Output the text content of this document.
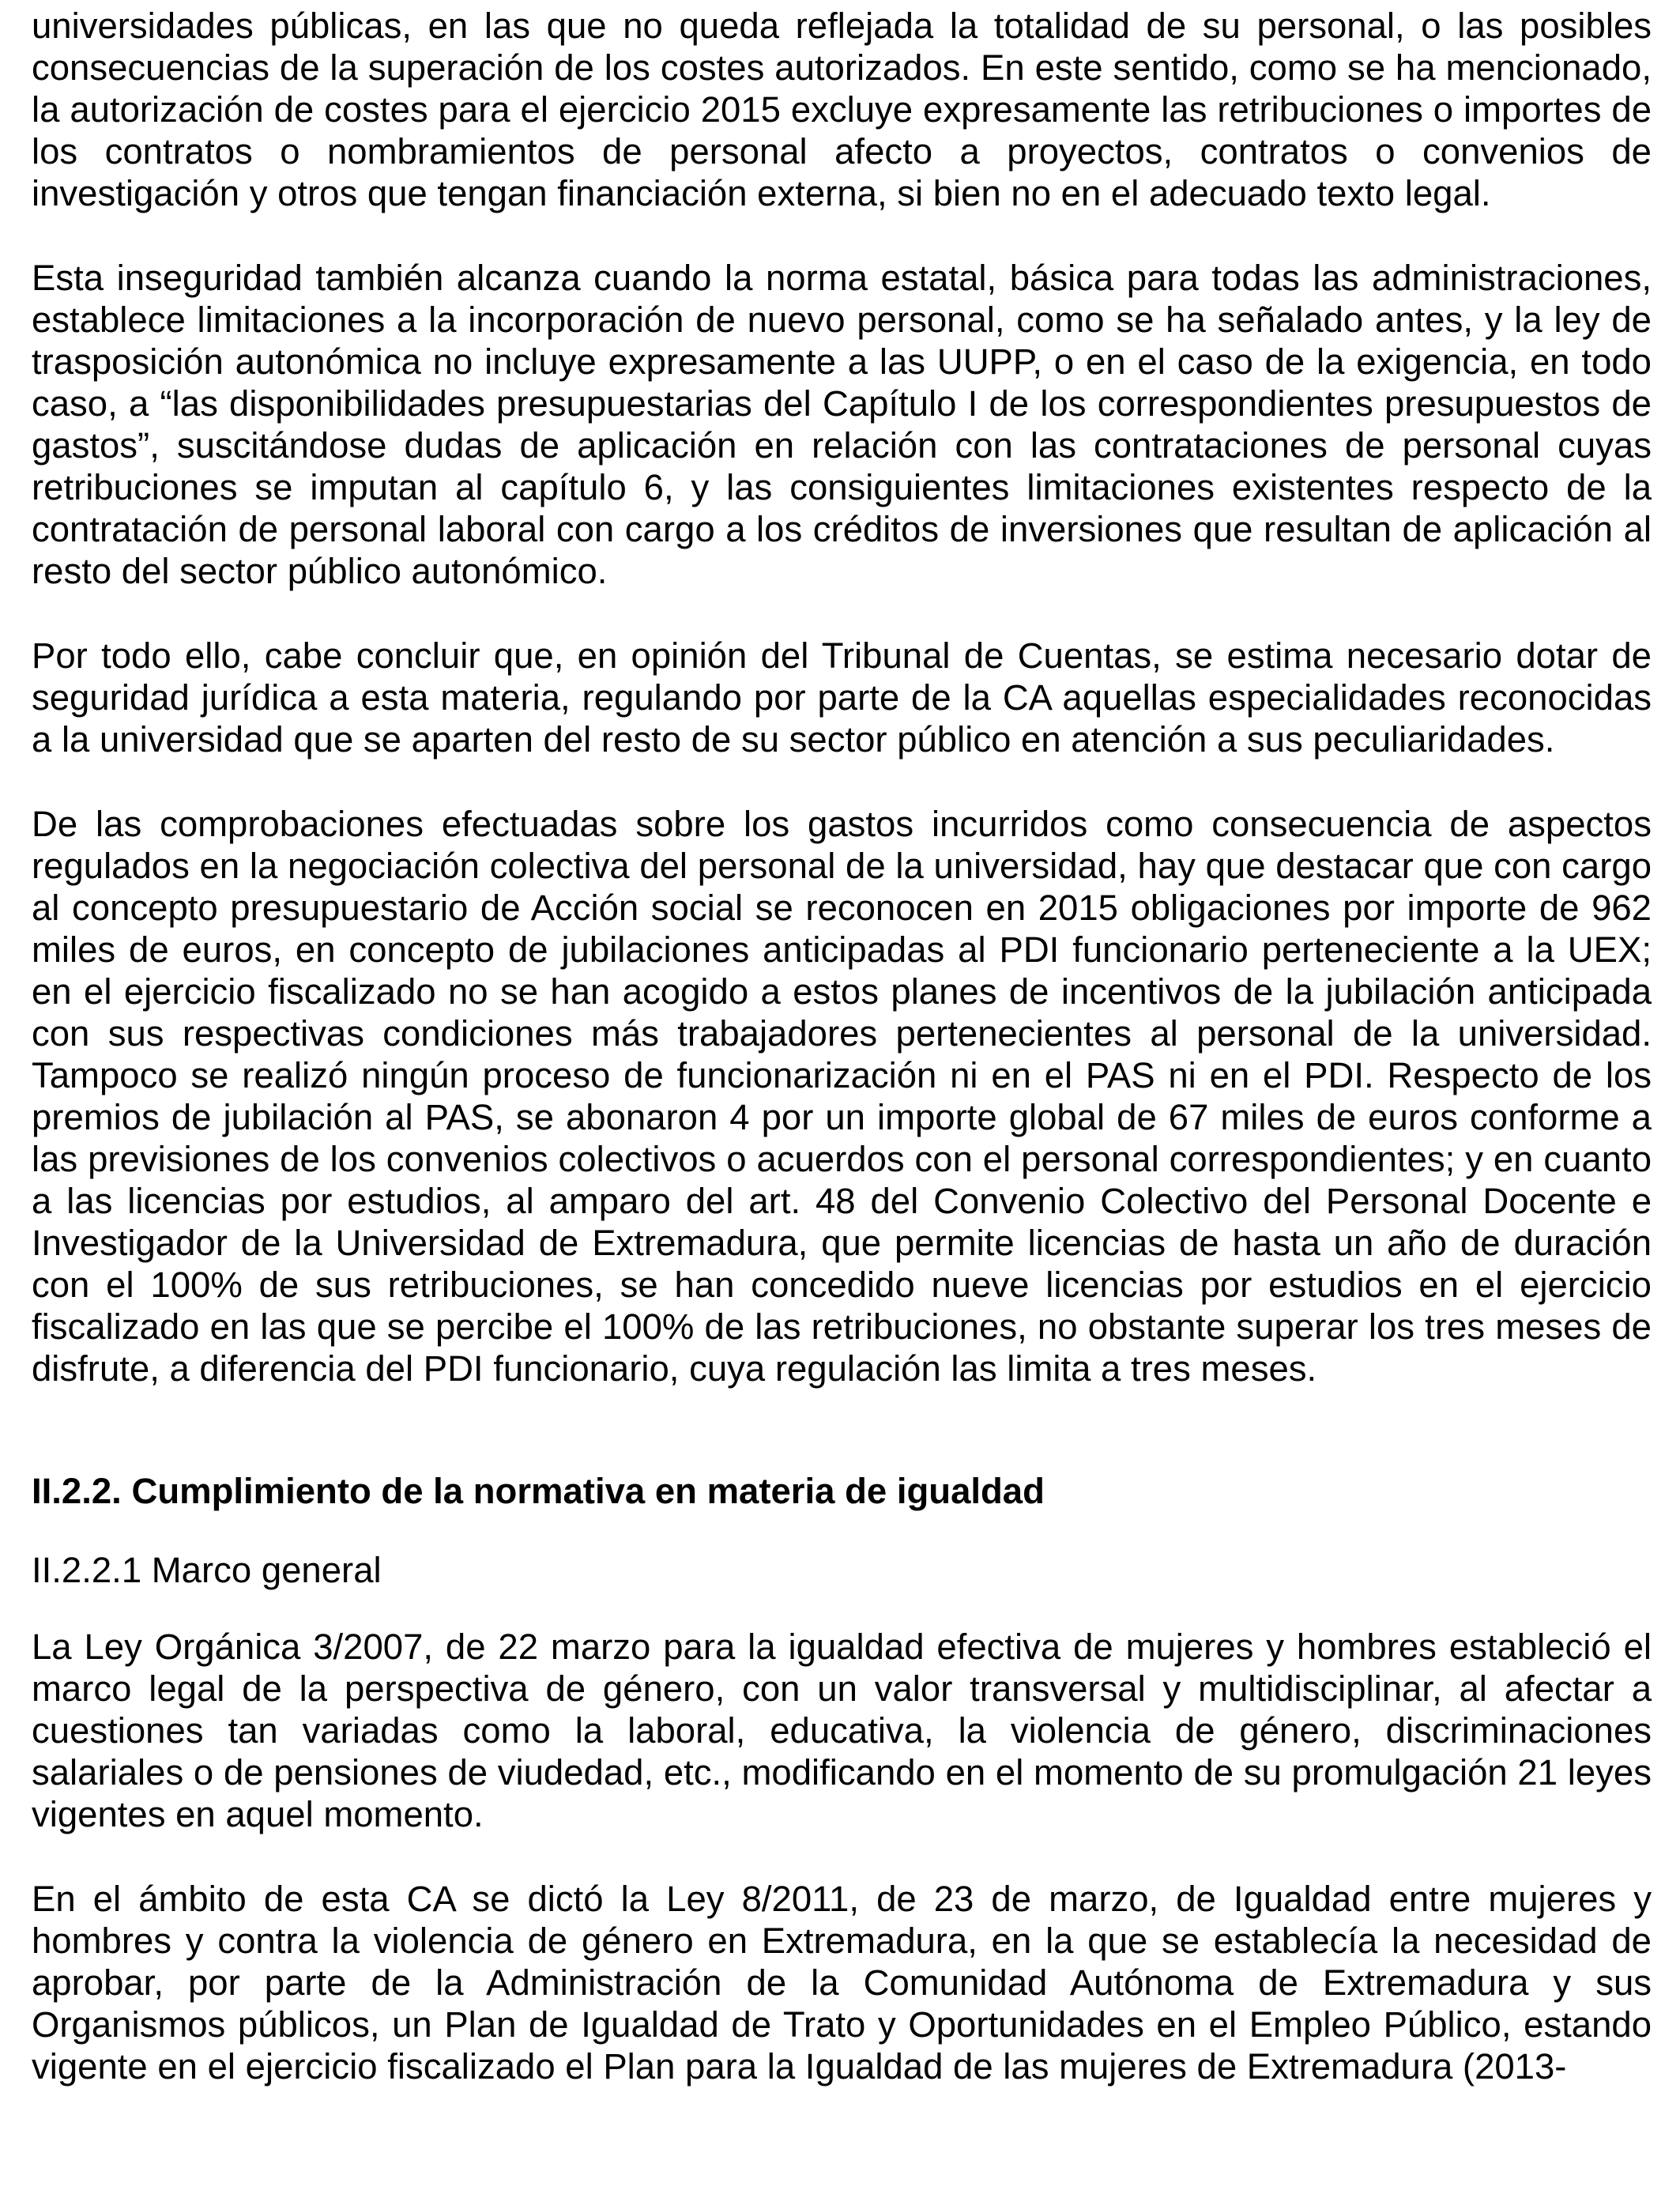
universidades públicas, en las que no queda reflejada la totalidad de su personal, o las posibles consecuencias de la superación de los costes autorizados. En este sentido, como se ha mencionado, la autorización de costes para el ejercicio 2015 excluye expresamente las retribuciones o importes de los contratos o nombramientos de personal afecto a proyectos, contratos o convenios de investigación y otros que tengan financiación externa, si bien no en el adecuado texto legal.

Esta inseguridad también alcanza cuando la norma estatal, básica para todas las administraciones, establece limitaciones a la incorporación de nuevo personal, como se ha señalado antes, y la ley de trasposición autonómica no incluye expresamente a las UUPP, o en el caso de la exigencia, en todo caso, a “las disponibilidades presupuestarias del Capítulo I de los correspondientes presupuestos de gastos”, suscitándose dudas de aplicación en relación con las contrataciones de personal cuyas retribuciones se imputan al capítulo 6, y las consiguientes limitaciones existentes respecto de la contratación de personal laboral con cargo a los créditos de inversiones que resultan de aplicación al resto del sector público autonómico.

Por todo ello, cabe concluir que, en opinión del Tribunal de Cuentas, se estima necesario dotar de seguridad jurídica a esta materia, regulando por parte de la CA aquellas especialidades reconocidas a la universidad que se aparten del resto de su sector público en atención a sus peculiaridades.

De las comprobaciones efectuadas sobre los gastos incurridos como consecuencia de aspectos regulados en la negociación colectiva del personal de la universidad, hay que destacar que con cargo al concepto presupuestario de Acción social se reconocen en 2015 obligaciones por importe de 962 miles de euros, en concepto de jubilaciones anticipadas al PDI funcionario perteneciente a la UEX; en el ejercicio fiscalizado no se han acogido a estos planes de incentivos de la jubilación anticipada con sus respectivas condiciones más trabajadores pertenecientes al personal de la universidad. Tampoco se realizó ningún proceso de funcionarización ni en el PAS ni en el PDI. Respecto de los premios de jubilación al PAS, se abonaron 4 por un importe global de 67 miles de euros conforme a las previsiones de los convenios colectivos o acuerdos con el personal correspondientes; y en cuanto a las licencias por estudios, al amparo del art. 48 del Convenio Colectivo del Personal Docente e Investigador de la Universidad de Extremadura, que permite licencias de hasta un año de duración con el 100% de sus retribuciones, se han concedido nueve licencias por estudios en el ejercicio fiscalizado en las que se percibe el 100% de las retribuciones, no obstante superar los tres meses de disfrute, a diferencia del PDI funcionario, cuya regulación las limita a tres meses.

II.2.2. Cumplimiento de la normativa en materia de igualdad
II.2.2.1 Marco general

La Ley Orgánica 3/2007, de 22 marzo para la igualdad efectiva de mujeres y hombres estableció el marco legal de la perspectiva de género, con un valor transversal y multidisciplinar, al afectar a cuestiones tan variadas como la laboral, educativa, la violencia de género, discriminaciones salariales o de pensiones de viudedad, etc., modificando en el momento de su promulgación 21 leyes vigentes en aquel momento.

En el ámbito de esta CA se dictó la Ley 8/2011, de 23 de marzo, de Igualdad entre mujeres y hombres y contra la violencia de género en Extremadura, en la que se establecía la necesidad de aprobar, por parte de la Administración de la Comunidad Autónoma de Extremadura y sus Organismos públicos, un Plan de Igualdad de Trato y Oportunidades en el Empleo Público, estando vigente en el ejercicio fiscalizado el Plan para la Igualdad de las mujeres de Extremadura (2013-
